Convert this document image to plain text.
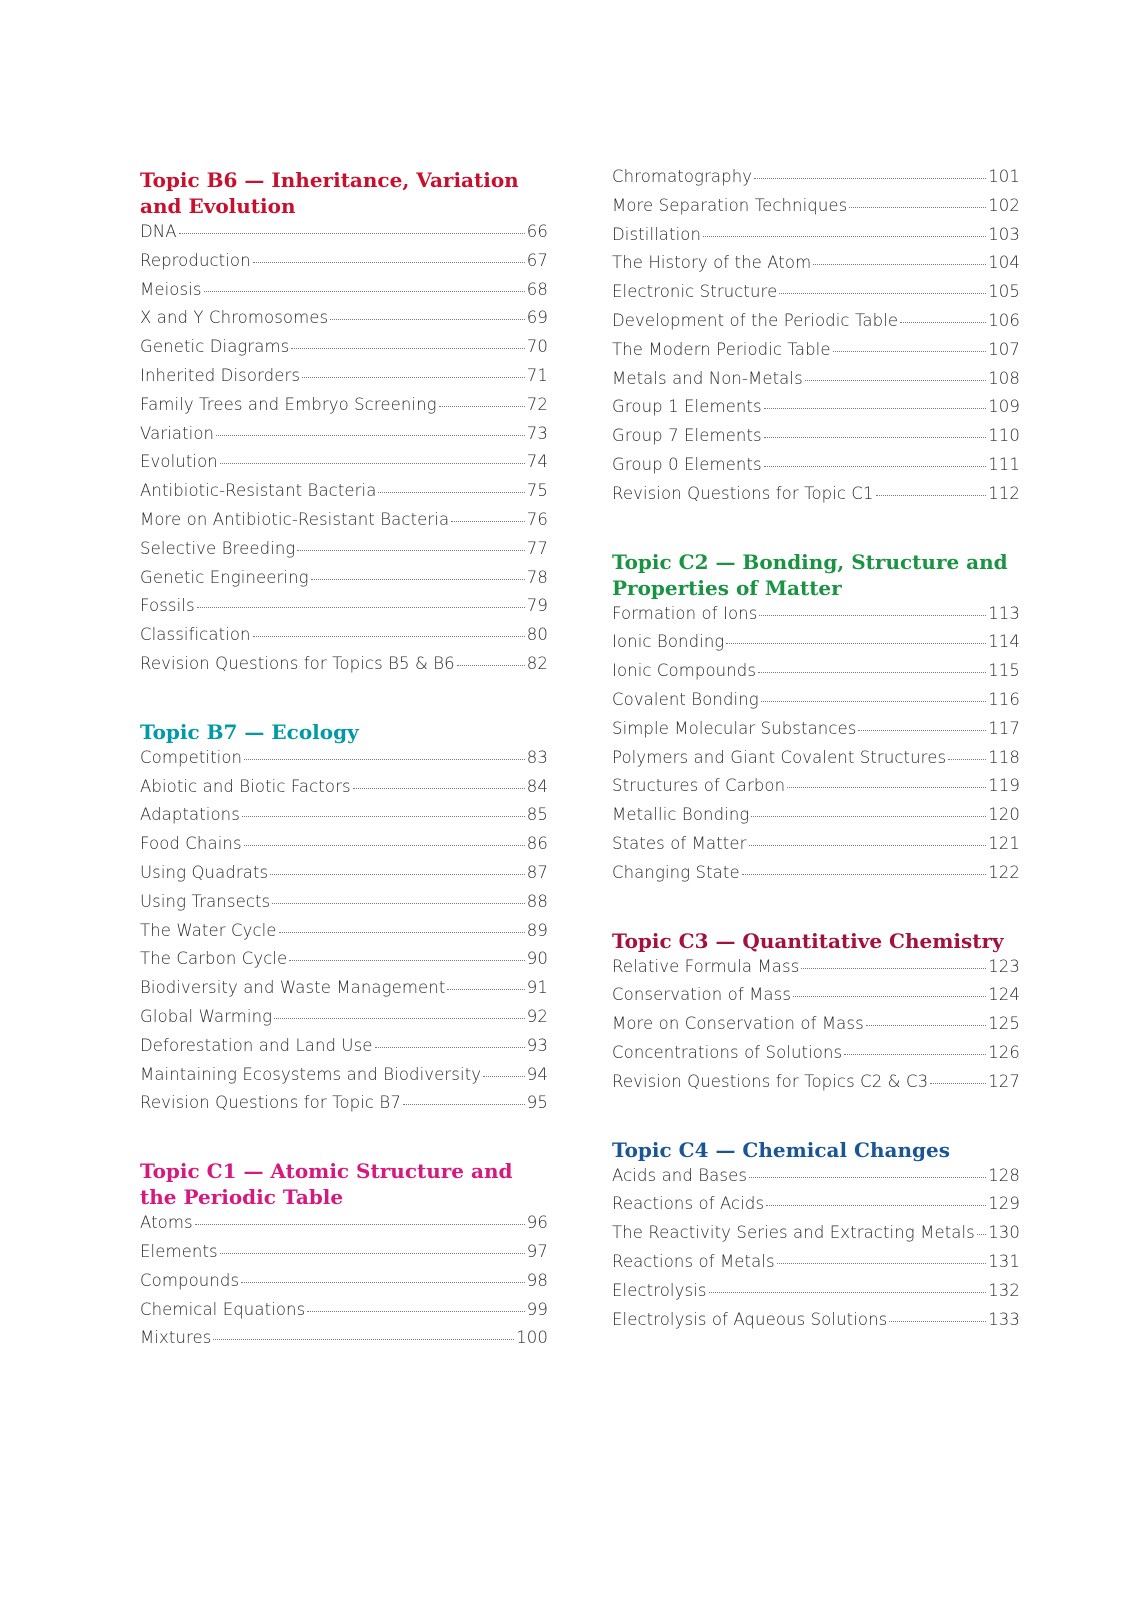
Topic B6 — Inheritance, Variation and Evolution
DNA	66
Reproduction	67
Meiosis	68
X and Y Chromosomes	69
Genetic Diagrams	70
Inherited Disorders	71
Family Trees and Embryo Screening	72
Variation	73
Evolution	74
Antibiotic-Resistant Bacteria	75
More on Antibiotic-Resistant Bacteria	76
Selective Breeding	77
Genetic Engineering	78
Fossils	79
Classification	80
Revision Questions for Topics B5 & B6	82
Topic B7 — Ecology
Competition	83
Abiotic and Biotic Factors	84
Adaptations	85
Food Chains	86
Using Quadrats	87
Using Transects	88
The Water Cycle	89
The Carbon Cycle	90
Biodiversity and Waste Management	91
Global Warming	92
Deforestation and Land Use	93
Maintaining Ecosystems and Biodiversity	94
Revision Questions for Topic B7	95
Topic C1 — Atomic Structure and the Periodic Table
Atoms	96
Elements	97
Compounds	98
Chemical Equations	99
Mixtures	100
Chromatography	101
More Separation Techniques	102
Distillation	103
The History of the Atom	104
Electronic Structure	105
Development of the Periodic Table	106
The Modern Periodic Table	107
Metals and Non-Metals	108
Group 1 Elements	109
Group 7 Elements	110
Group 0 Elements	111
Revision Questions for Topic C1	112
Topic C2 — Bonding, Structure and Properties of Matter
Formation of Ions	113
Ionic Bonding	114
Ionic Compounds	115
Covalent Bonding	116
Simple Molecular Substances	117
Polymers and Giant Covalent Structures	118
Structures of Carbon	119
Metallic Bonding	120
States of Matter	121
Changing State	122
Topic C3 — Quantitative Chemistry
Relative Formula Mass	123
Conservation of Mass	124
More on Conservation of Mass	125
Concentrations of Solutions	126
Revision Questions for Topics C2 & C3	127
Topic C4 — Chemical Changes
Acids and Bases	128
Reactions of Acids	129
The Reactivity Series and Extracting Metals 130
Reactions of Metals	131
Electrolysis	132
Electrolysis of Aqueous Solutions	133
